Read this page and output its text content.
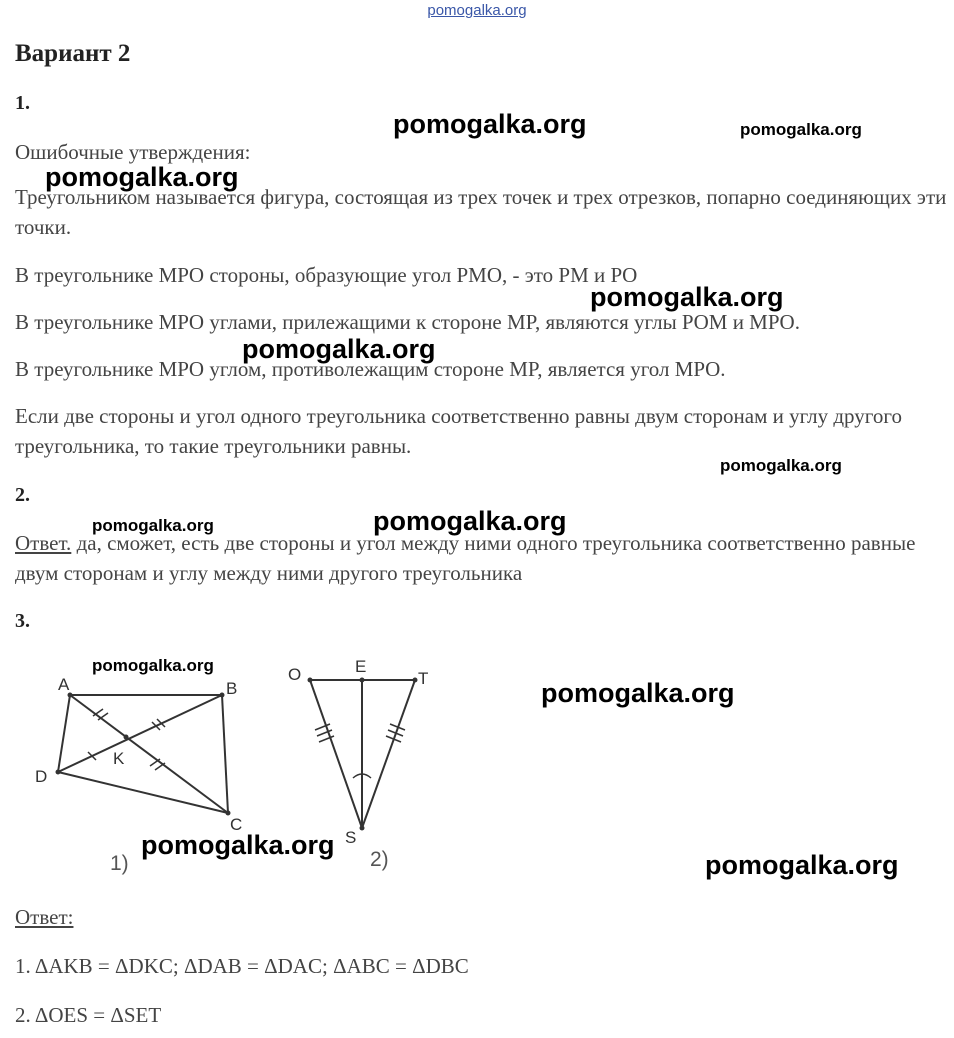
pomogalka.org
Вариант 2
1.
Ошибочные утверждения:
Треугольником называется фигура, состоящая из трех точек и трех отрезков, попарно соединяющих эти точки.
В треугольнике MPO стороны, образующие угол PMO, - это PM и PO
В треугольнике MPO углами, прилежащими к стороне MP, являются углы POM и MPO.
В треугольнике MPO углом, противолежащим стороне MP, является угол MPO.
Если две стороны и угол одного треугольника соответственно равны двум сторонам и углу другого треугольника, то такие треугольники равны.
2.
Ответ. да, сможет, есть две стороны и угол между ними одного треугольника соответственно равные двум сторонам и углу между ними другого треугольника
3.
A	B
C
D
K
1)
O	E
T
S
2)
Ответ:
1. ΔAKB = ΔDKC; ΔDAB = ΔDAC; ΔABC = ΔDBC
2. ΔOES = ΔSET
pomogalka.org	pomogalka.org
pomogalka.org
pomogalka.org
pomogalka.org
pomogalka.org
pomogalka.org	pomogalka.org
pomogalka.org
pomogalka.org
pomogalka.org
pomogalka.org
